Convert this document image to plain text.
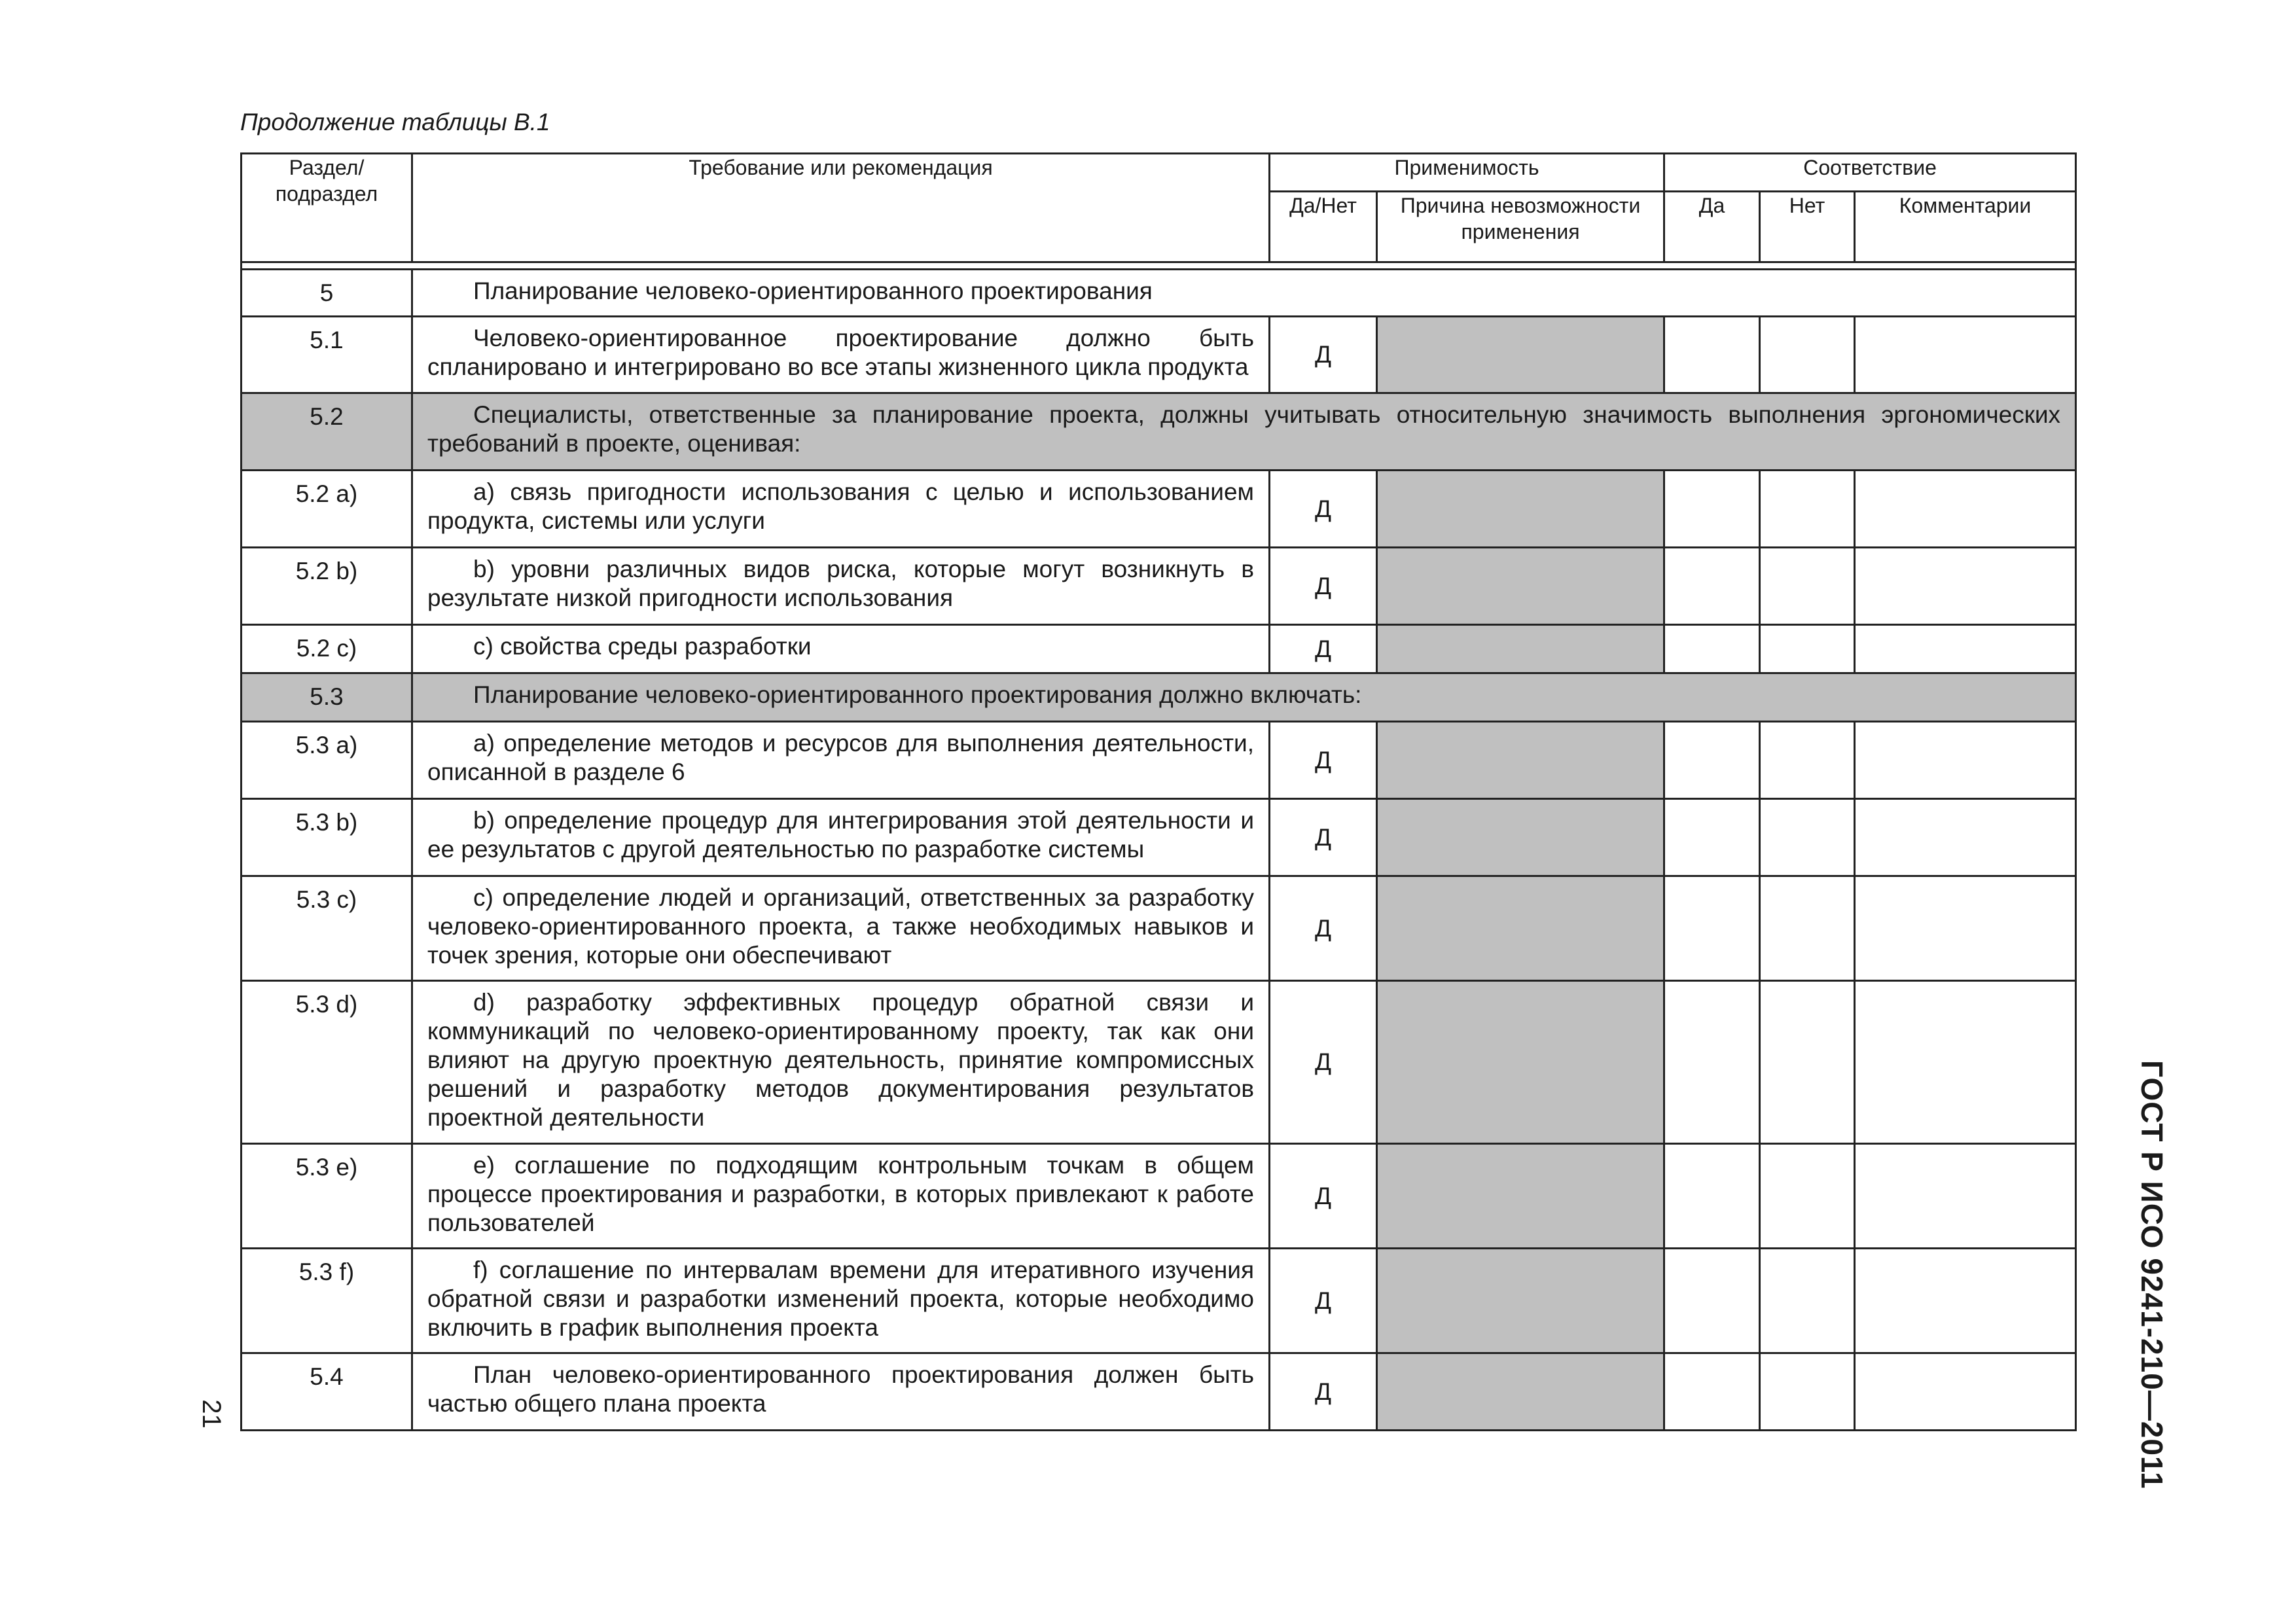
Продолжение таблицы В.1
Раздел/ подраздел	Требование или рекомендация	Применимость		Соответствие		
		Да/Нет	Причина невозможности применения	Да	Нет	Комментарии

5	Планирование человеко-ориентированного проектирования					

5.1	Человеко-ориентированное проектирование должно быть спланировано и интегрировано во все этапы жизненного цикла продукта	Д				
5.2	Специалисты, ответственные за планирование проекта, должны учитывать относительную значимость выполнения эргономических требований в проекте, оценивая:					

5.2 a)	a) связь пригодности использования с целью и использованием продукта, системы или услуги	Д				
5.2 b)	b) уровни различных видов риска, которые могут возникнуть в результате низкой пригодности использования	Д				
5.2 c)	c) свойства среды разработки	Д				
5.3	Планирование человеко-ориентированного проектирования должно включать:					

5.3 a)	a) определение методов и ресурсов для выполнения деятельности, описанной в разделе 6	Д				
5.3 b)	b) определение процедур для интегрирования этой деятельности и ее результатов с другой деятельностью по разработке системы	Д				
5.3 c)	c) определение людей и организаций, ответственных за разработку человеко-ориентированного проекта, а также необходимых навыков и точек зрения, которые они обеспечивают	Д				
5.3 d)	d) разработку эффективных процедур обратной связи и коммуникаций по человеко-ориентированному проекту, так как они влияют на другую проектную деятельность, принятие компромиссных решений и разработку методов документирования результатов проектной деятельности	Д				
5.3 e)	e) соглашение по подходящим контрольным точкам в общем процессе проектирования и разработки, в которых привлекают к работе пользователей	Д				
5.3 f)	f) соглашение по интервалам времени для итеративного изучения обратной связи и разработки изменений проекта, которые необходимо включить в график выполнения проекта	Д				
5.4	План человеко-ориентированного проектирования должен быть частью общего плана проекта	Д					ГОСТ Р ИСО 9241-210—2011
21
